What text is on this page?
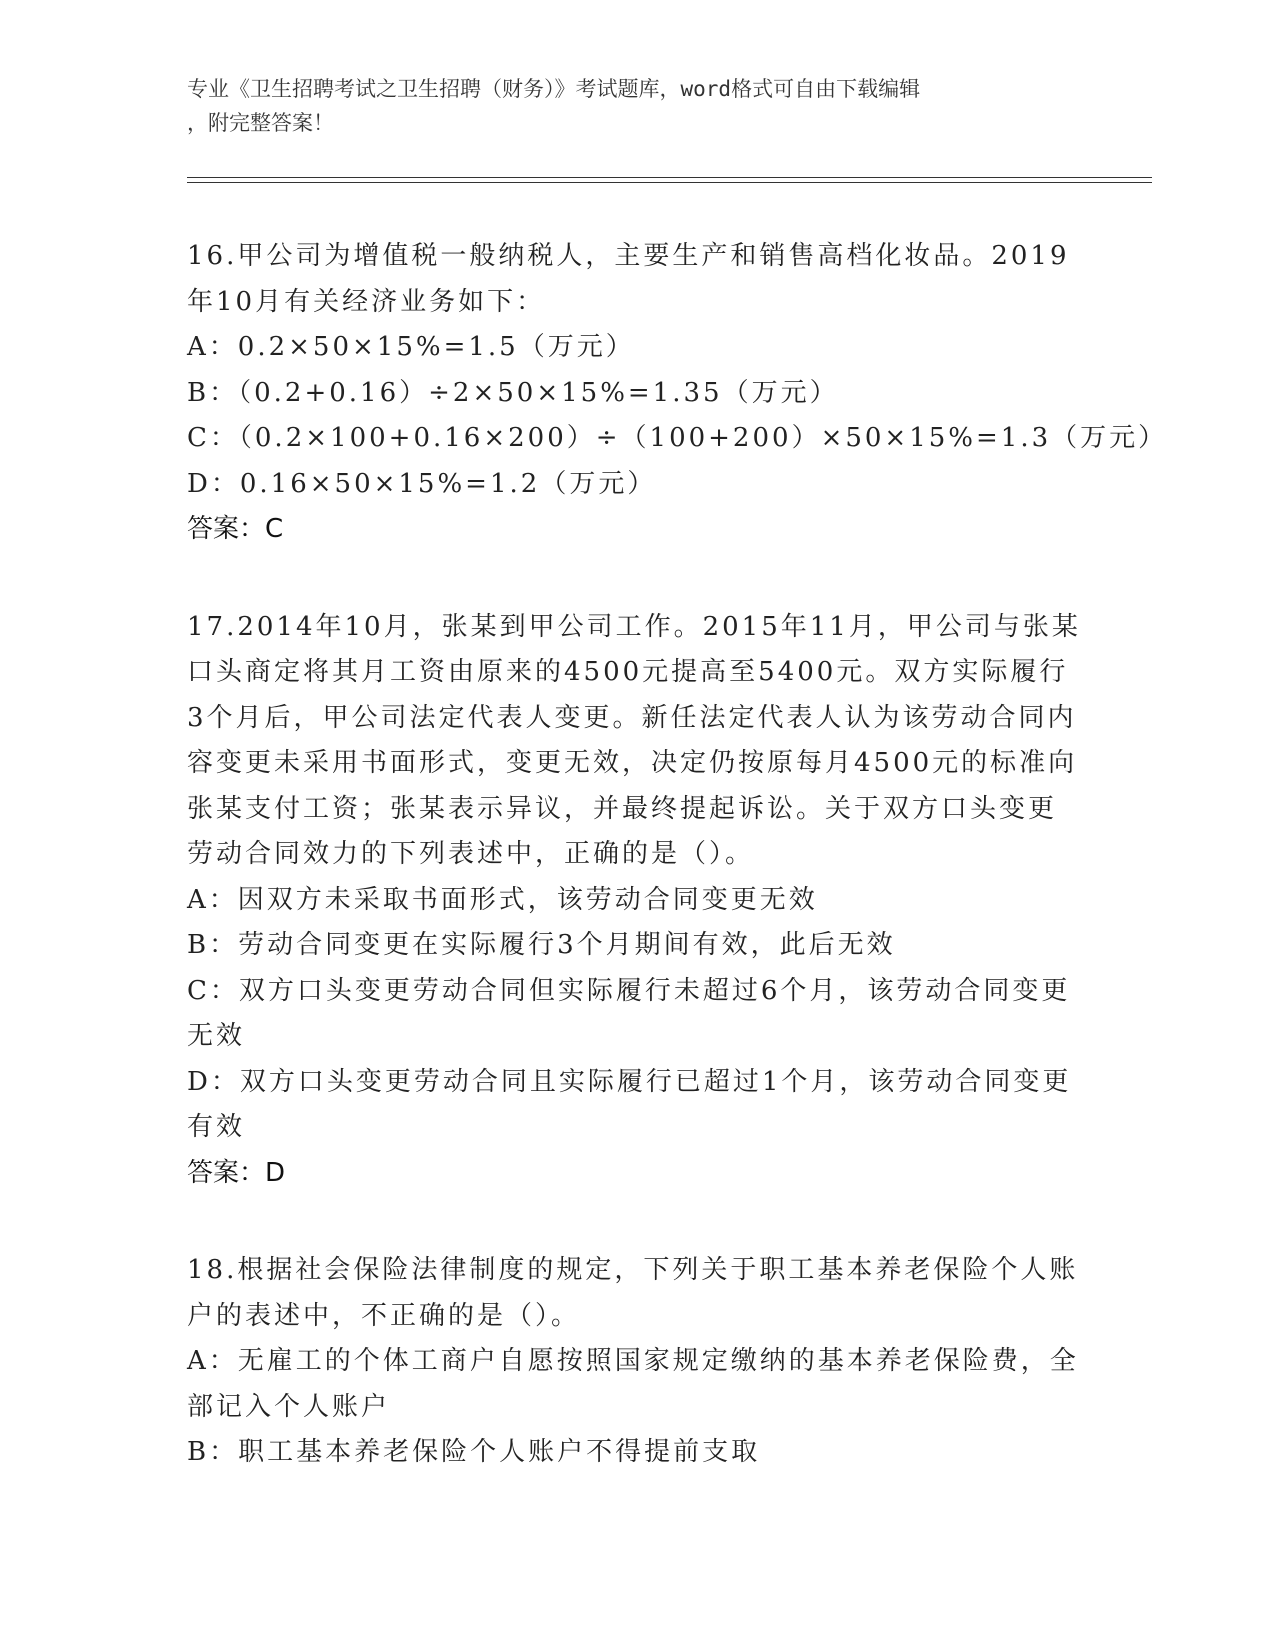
专业《卫生招聘考试之卫生招聘（财务）》考试题库，word格式可自由下载编辑
，附完整答案！
16.甲公司为增值税一般纳税人，主要生产和销售高档化妆品。2019
年10月有关经济业务如下：
A：0.2×50×15%=1.5（万元）
B：（0.2+0.16）÷2×50×15%=1.35（万元）
C：（0.2×100+0.16×200）÷（100+200）×50×15%=1.3（万元）
D：0.16×50×15%=1.2（万元）
答案：C
17.2014年10月，张某到甲公司工作。2015年11月，甲公司与张某
口头商定将其月工资由原来的4500元提高至5400元。双方实际履行
3个月后，甲公司法定代表人变更。新任法定代表人认为该劳动合同内
容变更未采用书面形式，变更无效，决定仍按原每月4500元的标准向
张某支付工资；张某表示异议，并最终提起诉讼。关于双方口头变更
劳动合同效力的下列表述中，正确的是（）。
A：因双方未采取书面形式，该劳动合同变更无效
B：劳动合同变更在实际履行3个月期间有效，此后无效
C：双方口头变更劳动合同但实际履行未超过6个月，该劳动合同变更
无效
D：双方口头变更劳动合同且实际履行已超过1个月，该劳动合同变更
有效
答案：D
18.根据社会保险法律制度的规定，下列关于职工基本养老保险个人账
户的表述中，不正确的是（）。
A：无雇工的个体工商户自愿按照国家规定缴纳的基本养老保险费，全
部记入个人账户
B：职工基本养老保险个人账户不得提前支取
